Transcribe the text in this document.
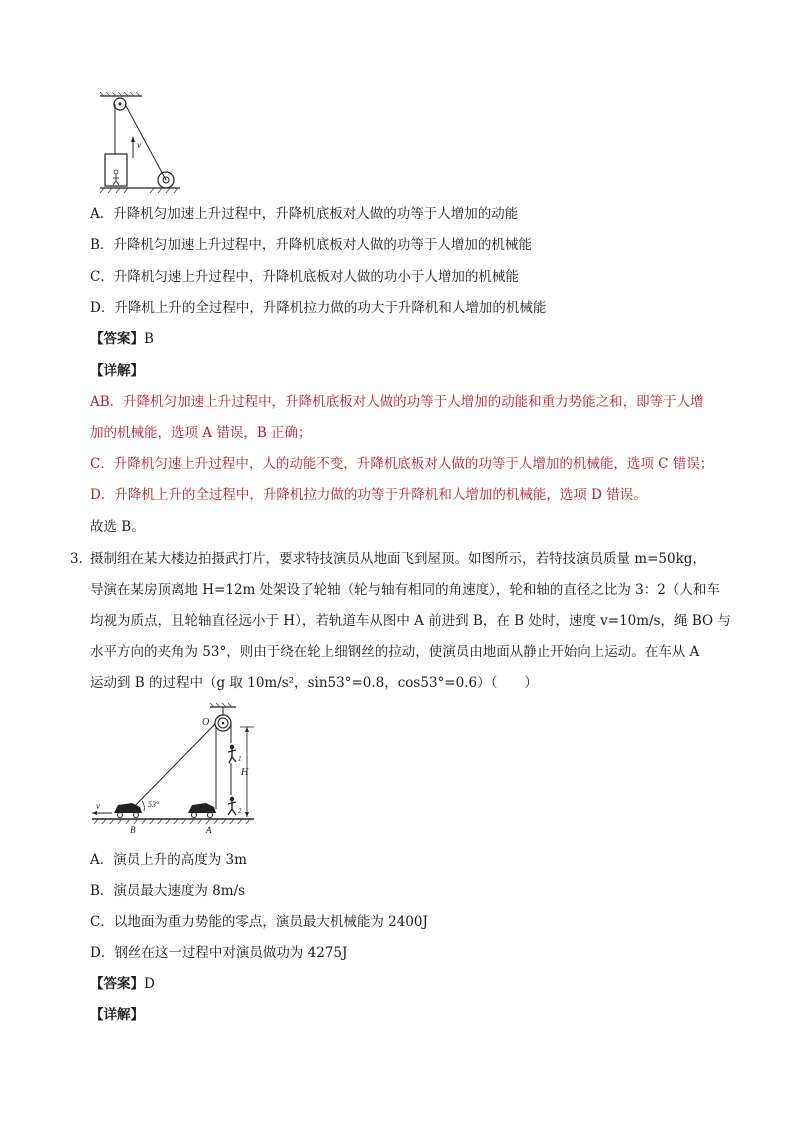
v
A．升降机匀加速上升过程中，升降机底板对人做的功等于人增加的动能
B．升降机匀加速上升过程中，升降机底板对人做的功等于人增加的机械能
C．升降机匀速上升过程中，升降机底板对人做的功小于人增加的机械能
D．升降机上升的全过程中，升降机拉力做的功大于升降机和人增加的机械能
【答案】B
【详解】
AB．升降机匀加速上升过程中，升降机底板对人做的功等于人增加的动能和重力势能之和，即等于人增
加的机械能，选项 A 错误，B 正确；
C．升降机匀速上升过程中，人的动能不变，升降机底板对人做的功等于人增加的机械能，选项 C 错误；
D．升降机上升的全过程中，升降机拉力做的功等于升降机和人增加的机械能，选项 D 错误。
故选 B。
3．
摄制组在某大楼边拍摄武打片，要求特技演员从地面飞到屋顶。如图所示，若特技演员质量 m=50kg，
导演在某房顶离地 H=12m 处架设了轮轴（轮与轴有相同的角速度），轮和轴的直径之比为 3：2（人和车
均视为质点，且轮轴直径远小于 H），若轨道车从图中 A 前进到 B，在 B 处时，速度 v=10m/s，绳 BO 与
水平方向的夹角为 53°，则由于绕在轮上细钢丝的拉动，使演员由地面从静止开始向上运动。在车从 A
运动到 B 的过程中（g 取 10m/s²，sin53°=0.8，cos53°=0.6）（　　）
O
1
2
H
53°
v
B	A
A．演员上升的高度为 3m
B．演员最大速度为 8m/s
C．以地面为重力势能的零点，演员最大机械能为 2400J
D．钢丝在这一过程中对演员做功为 4275J
【答案】D
【详解】
